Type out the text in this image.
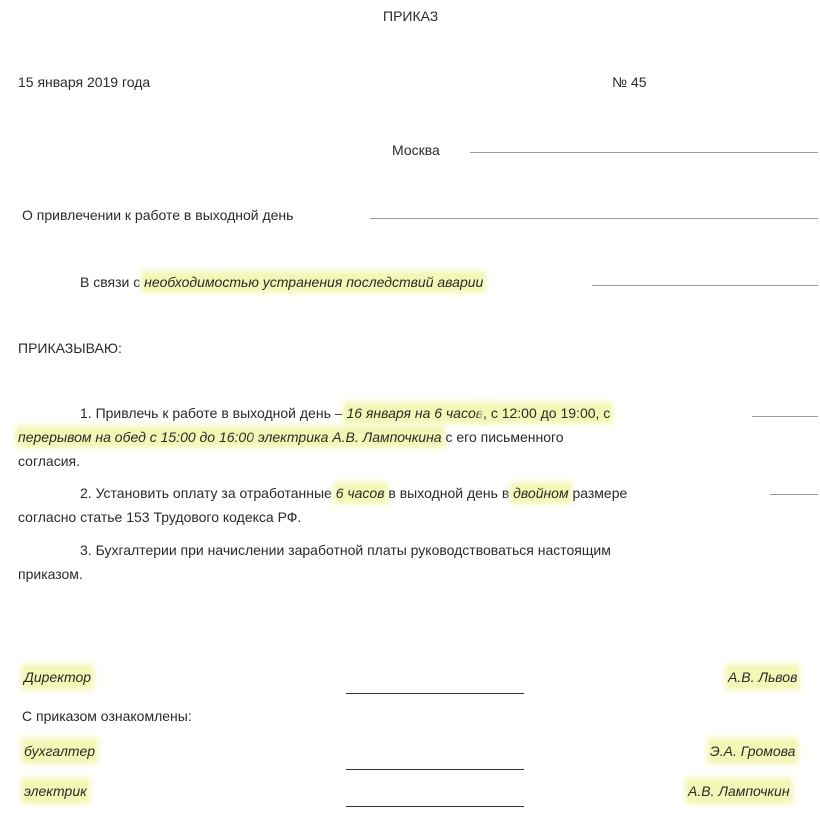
ПРИКАЗ
15 января 2019 года	№ 45
Москва
О привлечении к работе в выходной день
В связи с необходимостью устранения последствий аварии
ПРИКАЗЫВАЮ:
1. Привлечь к работе в выходной день – 16 января на 6 часов, с 12:00 до 19:00, с
перерывом на обед с 15:00 до 16:00 электрика А.В. Лампочкина с его письменного
согласия.
2. Установить оплату за отработанные 6 часов в выходной день в двойном размере
согласно статье 153 Трудового кодекса РФ.
3. Бухгалтерии при начислении заработной платы руководствоваться настоящим
приказом.
Директор	А.В. Львов
С приказом ознакомлены:
бухгалтер	Э.А. Громова
электрик	А.В. Лампочкин
